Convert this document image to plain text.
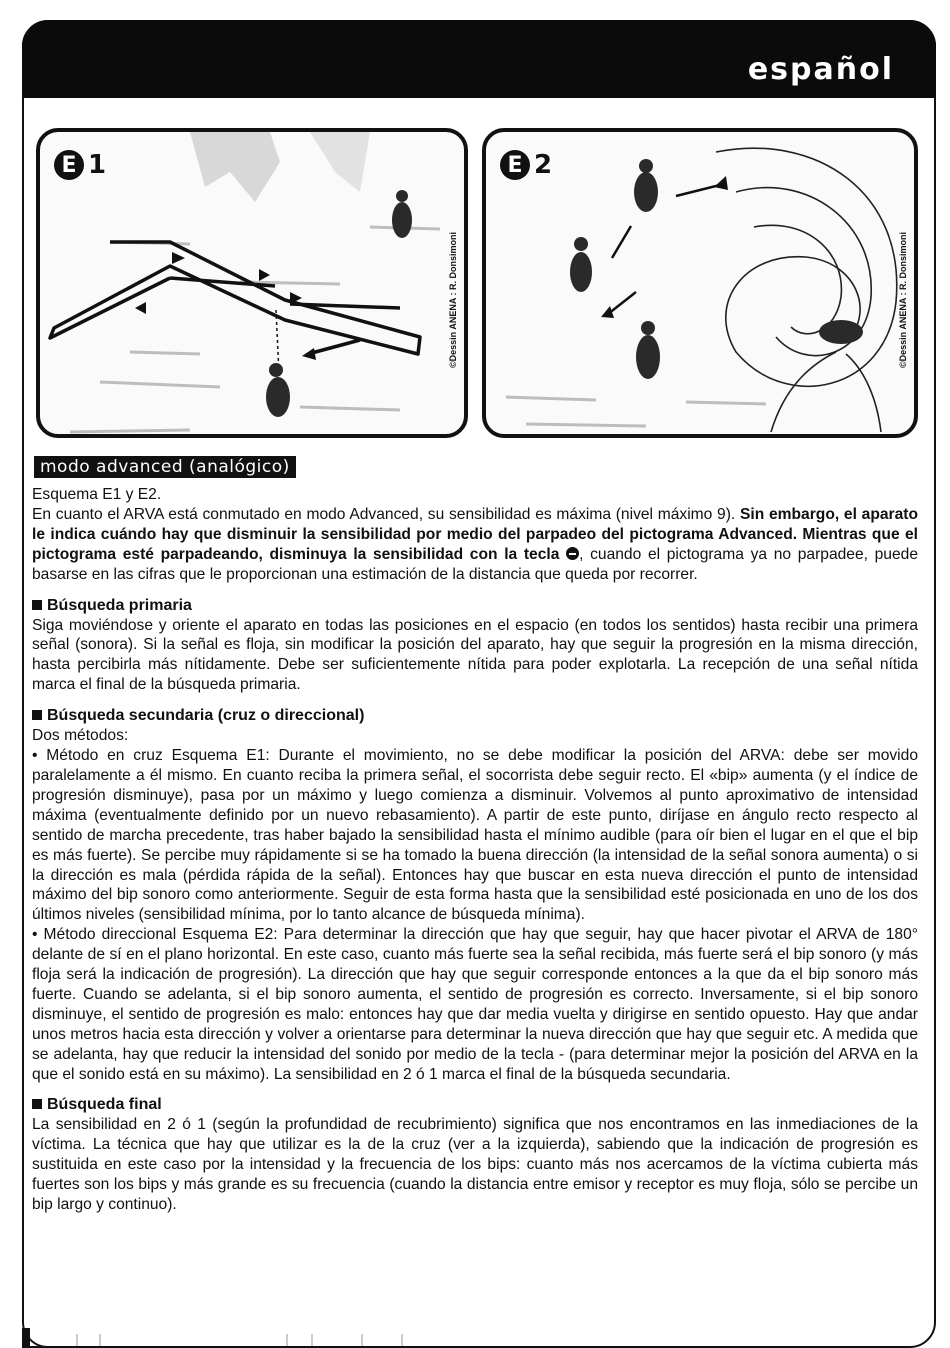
español
E 1
©Dessin ANENA : R. Donsimoni
E 2
©Dessin ANENA : R. Donsimoni
modo advanced (analógico)

Esquema E1 y E2.

En cuanto el ARVA está conmutado en modo Advanced, su sensibilidad es máxima (nivel máximo 9). Sin embargo, el aparato le indica cuándo hay que disminuir la sensibilidad por medio del parpadeo del pictograma Advanced. Mientras que el pictograma esté parpadeando, disminuya la sensibilidad con la tecla , cuando el pictograma ya no parpadee, puede basarse en las cifras que le proporcionan una estimación de la distancia que queda por recorrer.

Búsqueda primaria

Siga moviéndose y oriente el aparato en todas las posiciones en el espacio (en todos los sentidos) hasta recibir una primera señal (sonora). Si la señal es floja, sin modificar la posición del aparato, hay que seguir la progresión en la misma dirección, hasta percibirla más nítidamente. Debe ser suficientemente nítida para poder explotarla. La recepción de una señal nítida marca el final de la búsqueda primaria.

Búsqueda secundaria (cruz o direccional)

Dos métodos:

• Método en cruz Esquema E1: Durante el movimiento, no se debe modificar la posición del ARVA: debe ser movido paralelamente a él mismo. En cuanto reciba la primera señal, el socorrista debe seguir recto. El «bip» aumenta (y el índice de progresión disminuye), pasa por un máximo y luego comienza a disminuir. Volvemos al punto aproximativo de intensidad máxima (eventualmente definido por un nuevo rebasamiento). A partir de este punto, diríjase en ángulo recto respecto al sentido de marcha precedente, tras haber bajado la sensibilidad hasta el mínimo audible (para oír bien el lugar en el que el bip es más fuerte). Se percibe muy rápidamente si se ha tomado la buena dirección (la intensidad de la señal sonora aumenta) o si la dirección es mala (pérdida rápida de la señal). Entonces hay que buscar en esta nueva dirección el punto de intensidad máximo del bip sonoro como anteriormente. Seguir de esta forma hasta que la sensibilidad esté posicionada en uno de los dos últimos niveles (sensibilidad mínima, por lo tanto alcance de búsqueda mínima).

• Método direccional Esquema E2: Para determinar la dirección que hay que seguir, hay que hacer pivotar el ARVA de 180° delante de sí en el plano horizontal. En este caso, cuanto más fuerte sea la señal recibida, más fuerte será el bip sonoro (y más floja será la indicación de progresión). La dirección que hay que seguir corresponde entonces a la que da el bip sonoro más fuerte. Cuando se adelanta, si el bip sonoro aumenta, el sentido de progresión es correcto. Inversamente, si el bip sonoro disminuye, el sentido de progresión es malo: entonces hay que dar media vuelta y dirigirse en sentido opuesto. Hay que andar unos metros hacia esta dirección y volver a orientarse para determinar la nueva dirección que hay que seguir etc. A medida que se adelanta, hay que reducir la intensidad del sonido por medio de la tecla - (para determinar mejor la posición del ARVA en la que el sonido está en su máximo). La sensibilidad en 2 ó 1 marca el final de la búsqueda secundaria.

Búsqueda final

La sensibilidad en 2 ó 1 (según la profundidad de recubrimiento) significa que nos encontramos en las inmediaciones de la víctima. La técnica que hay que utilizar es la de la cruz (ver a la izquierda), sabiendo que la indicación de progresión es sustituida en este caso por la intensidad y la frecuencia de los bips: cuanto más nos acercamos de la víctima cubierta más fuertes son los bips y más grande es su frecuencia (cuando la distancia entre emisor y receptor es muy floja, sólo se percibe un bip largo y continuo).
